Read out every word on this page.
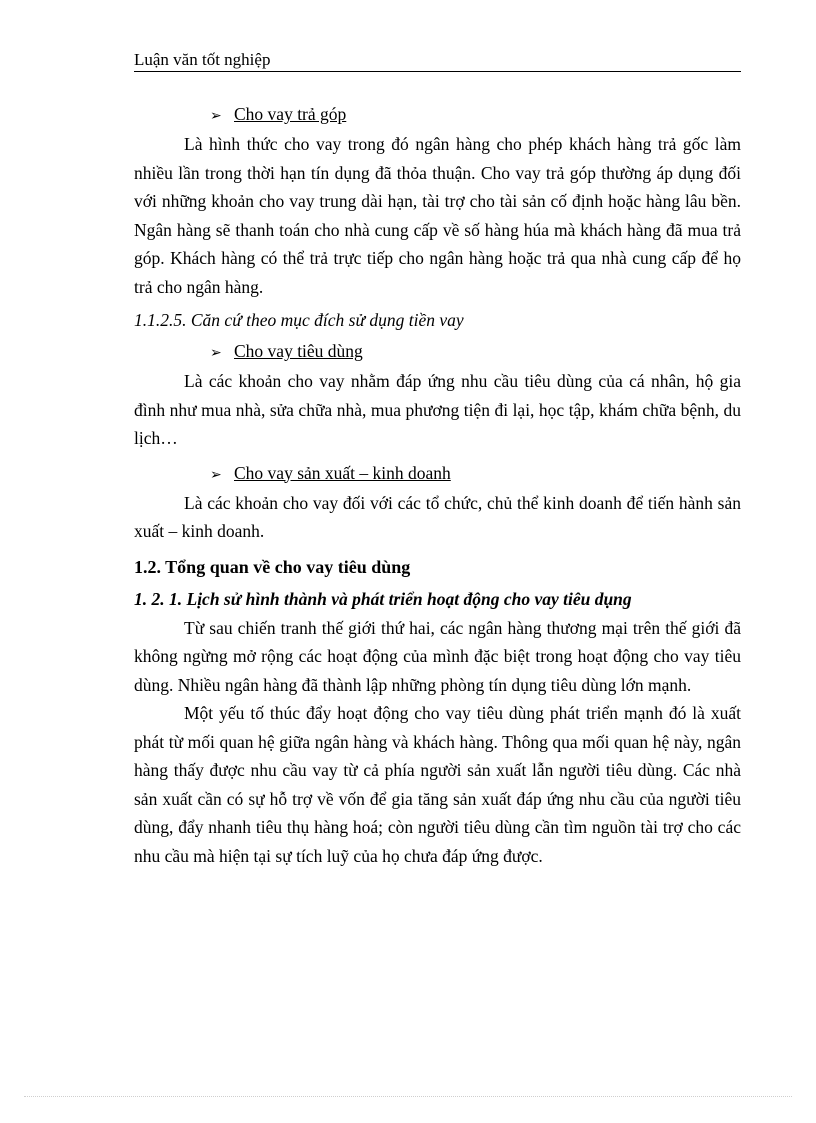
Luận văn tốt nghiệp
➢ Cho vay trả góp

Là hình thức cho vay trong đó ngân hàng cho phép khách hàng trả gốc làm nhiều lần trong thời hạn tín dụng đã thỏa thuận. Cho vay trả góp thường áp dụng đối với những khoản cho vay trung dài hạn, tài trợ cho tài sản cố định hoặc hàng lâu bền. Ngân hàng sẽ thanh toán cho nhà cung cấp về số hàng húa mà khách hàng đã mua trả góp. Khách hàng có thể trả trực tiếp cho ngân hàng hoặc trả qua nhà cung cấp để họ trả cho ngân hàng.

1.1.2.5. Căn cứ theo mục đích sử dụng tiền vay
➢ Cho vay tiêu dùng

Là các khoản cho vay nhằm đáp ứng nhu cầu tiêu dùng của cá nhân, hộ gia đình như mua nhà, sửa chữa nhà, mua phương tiện đi lại, học tập, khám chữa bệnh, du lịch…

➢ Cho vay sản xuất – kinh doanh

Là các khoản cho vay đối với các tổ chức, chủ thể kinh doanh để tiến hành sản xuất – kinh doanh.

1.2. Tổng quan về cho vay tiêu dùng
1. 2. 1. Lịch sử hình thành và phát triển hoạt động cho vay tiêu dụng

Từ sau chiến tranh thế giới thứ hai, các ngân hàng thương mại trên thế giới đã không ngừng mở rộng các hoạt động của mình đặc biệt trong hoạt động cho vay tiêu dùng. Nhiều ngân hàng đã thành lập những phòng tín dụng tiêu dùng lớn mạnh.

Một yếu tố thúc đẩy hoạt động cho vay tiêu dùng phát triển mạnh đó là xuất phát từ mối quan hệ giữa ngân hàng và khách hàng. Thông qua mối quan hệ này, ngân hàng thấy được nhu cầu vay từ cả phía người sản xuất lẫn người tiêu dùng. Các nhà sản xuất cần có sự hỗ trợ về vốn để gia tăng sản xuất đáp ứng nhu cầu của người tiêu dùng, đẩy nhanh tiêu thụ hàng hoá; còn người tiêu dùng cần tìm nguồn tài trợ cho các nhu cầu mà hiện tại sự tích luỹ của họ chưa đáp ứng được.
